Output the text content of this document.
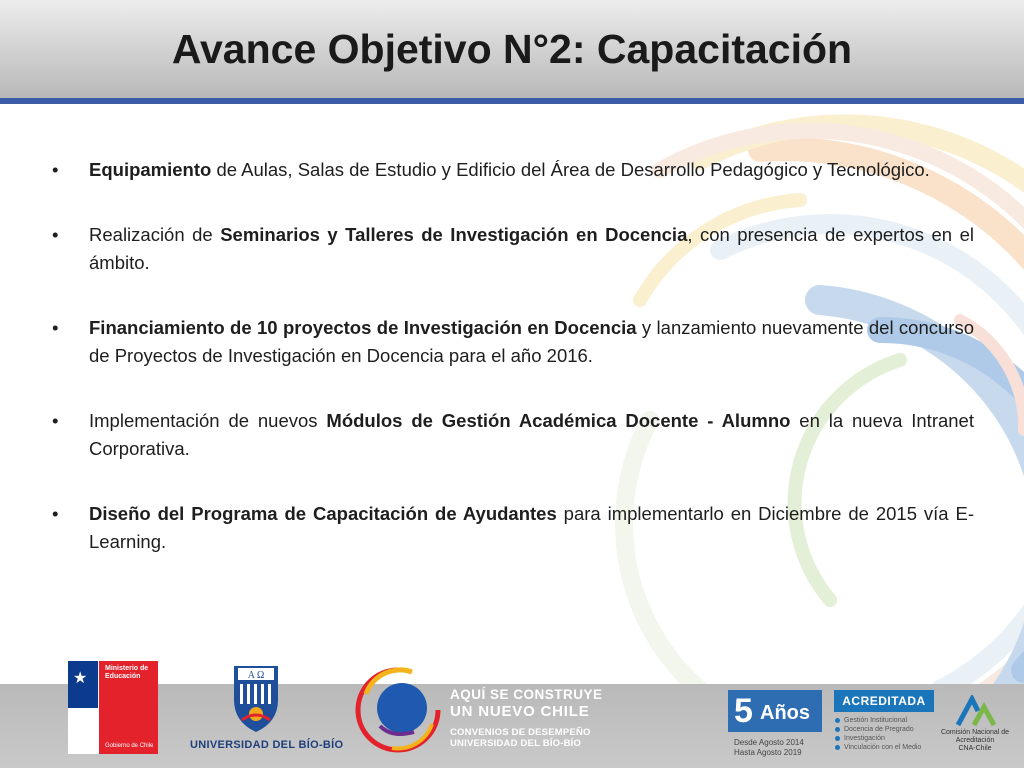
Avance Objetivo N°2: Capacitación
• Equipamiento de Aulas, Salas de Estudio y Edificio del Área de Desarrollo Pedagógico y Tecnológico.
• Realización de Seminarios y Talleres de Investigación en Docencia, con presencia de expertos en el ámbito.
• Financiamiento de 10 proyectos de Investigación en Docencia y lanzamiento nuevamente del concurso de Proyectos de Investigación en Docencia para el año 2016.
• Implementación de nuevos Módulos de Gestión Académica Docente - Alumno en la nueva Intranet Corporativa.
• Diseño del Programa de Capacitación de Ayudantes para implementarlo en Diciembre de 2015 vía E-Learning.
★
Ministerio de Educación
Gobierno de Chile
A Ω
UNIVERSIDAD DEL BÍO-BÍO
AQUÍ SE CONSTRUYE
UN NUEVO CHILE
CONVENIOS DE DESEMPEÑO
UNIVERSIDAD DEL BÍO-BÍO
5 Años
Desde Agosto 2014
Hasta Agosto 2019
ACREDITADA
Gestión Institucional
Docencia de Pregrado
Investigación
Vinculación con el Medio
Comisión Nacional de Acreditación
CNA-Chile
